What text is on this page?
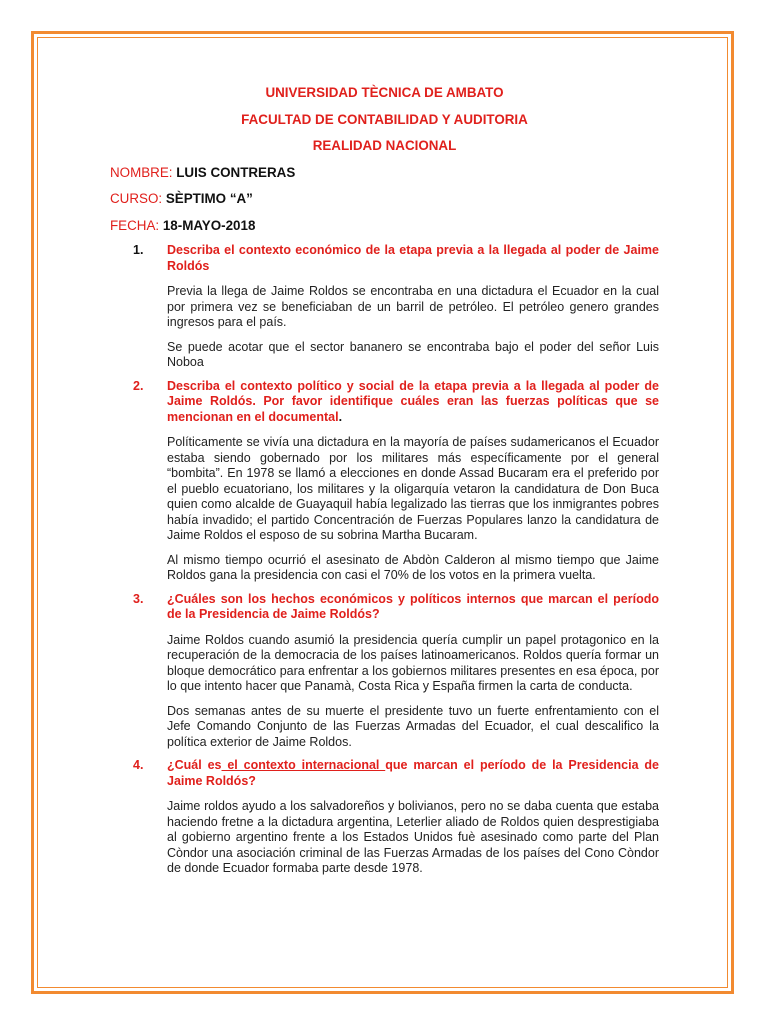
UNIVERSIDAD TÈCNICA DE AMBATO
FACULTAD DE CONTABILIDAD Y AUDITORIA
REALIDAD NACIONAL
NOMBRE: LUIS CONTRERAS
CURSO: SÈPTIMO “A”
FECHA: 18-MAYO-2018
1. Describa el contexto económico de la etapa previa a la llegada al poder de Jaime Roldós
Previa la llega de Jaime Roldos se encontraba en una dictadura el Ecuador en la cual por primera vez se beneficiaban de un barril de petróleo. El petróleo genero grandes ingresos para el país.
Se puede acotar que el sector bananero se encontraba bajo el poder del señor Luis Noboa
2. Describa el contexto político y social de la etapa previa a la llegada al poder de Jaime Roldós. Por favor identifique cuáles eran las fuerzas políticas que se mencionan en el documental.
Políticamente se vivía una dictadura en la mayoría de países sudamericanos el Ecuador estaba siendo gobernado por los militares más específicamente por el general “bombita”. En 1978 se llamó a elecciones en donde Assad Bucaram era el preferido por el pueblo ecuatoriano, los militares y la oligarquía vetaron la candidatura de Don Buca quien como alcalde de Guayaquil había legalizado las tierras que los inmigrantes pobres había invadido; el partido Concentración de Fuerzas Populares lanzo la candidatura de Jaime Roldos el esposo de su sobrina Martha Bucaram.
Al mismo tiempo ocurrió el asesinato de Abdòn Calderon al mismo tiempo que Jaime Roldos gana la presidencia con casi el 70% de los votos en la primera vuelta.
3. ¿Cuáles son los hechos económicos y políticos internos que marcan el período de la Presidencia de Jaime Roldós?
Jaime Roldos cuando asumió la presidencia quería cumplir un papel protagonico en la recuperación de la democracia de los países latinoamericanos. Roldos quería formar un bloque democrático para enfrentar a los gobiernos militares presentes en esa época, por lo que intento hacer que Panamà, Costa Rica y España firmen la carta de conducta.
Dos semanas antes de su muerte el presidente tuvo un fuerte enfrentamiento con el Jefe Comando Conjunto de las Fuerzas Armadas del Ecuador, el cual descalifico la política exterior de Jaime Roldos.
4. ¿Cuál es el contexto internacional que marcan el período de la Presidencia de Jaime Roldós?
Jaime roldos ayudo a los salvadoreños y bolivianos, pero no se daba cuenta que estaba haciendo fretne a la dictadura argentina, Leterlier aliado de Roldos quien desprestigiaba al gobierno argentino frente a los Estados Unidos fuè asesinado como parte del Plan Còndor una asociación criminal de las Fuerzas Armadas de los países del Cono Còndor de donde Ecuador formaba parte desde 1978.
